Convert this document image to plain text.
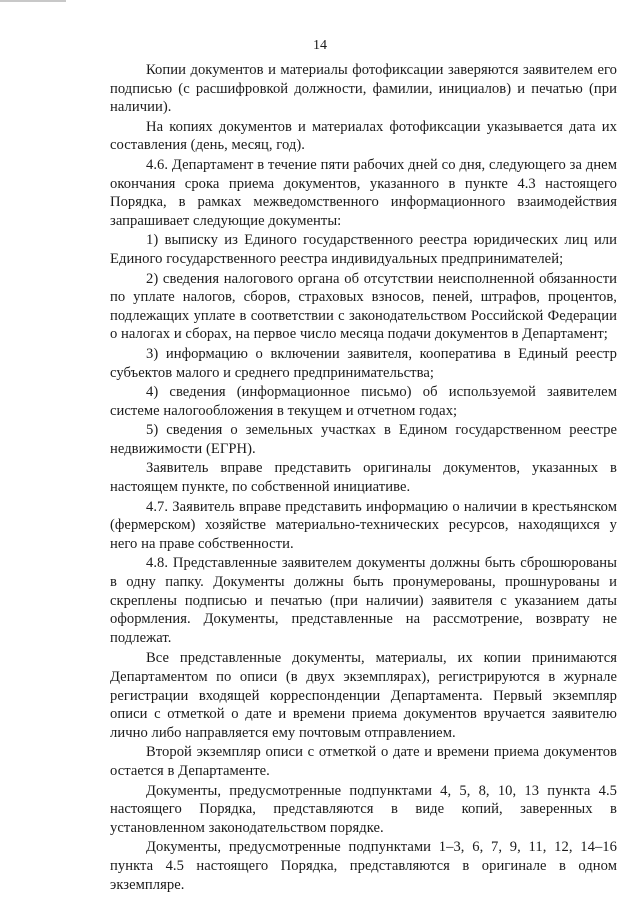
14

Копии документов и материалы фотофиксации заверяются заявителем его подписью (с расшифровкой должности, фамилии, инициалов) и печатью (при наличии).

На копиях документов и материалах фотофиксации указывается дата их составления (день, месяц, год).

4.6. Департамент в течение пяти рабочих дней со дня, следующего за днем окончания срока приема документов, указанного в пункте 4.3 настоящего Порядка, в рамках межведомственного информационного взаимодействия запрашивает следующие документы:

1) выписку из Единого государственного реестра юридических лиц или Единого государственного реестра индивидуальных предпринимателей;

2) сведения налогового органа об отсутствии неисполненной обязанности по уплате налогов, сборов, страховых взносов, пеней, штрафов, процентов, подлежащих уплате в соответствии с законодательством Российской Федерации о налогах и сборах, на первое число месяца подачи документов в Департамент;

3) информацию о включении заявителя, кооператива в Единый реестр субъектов малого и среднего предпринимательства;

4) сведения (информационное письмо) об используемой заявителем системе налогообложения в текущем и отчетном годах;

5) сведения о земельных участках в Едином государственном реестре недвижимости (ЕГРН).

Заявитель вправе представить оригиналы документов, указанных в настоящем пункте, по собственной инициативе.

4.7. Заявитель вправе представить информацию о наличии в крестьянском (фермерском) хозяйстве материально-технических ресурсов, находящихся у него на праве собственности.

4.8. Представленные заявителем документы должны быть сброшюрованы в одну папку. Документы должны быть пронумерованы, прошнурованы и скреплены подписью и печатью (при наличии) заявителя с указанием даты оформления. Документы, представленные на рассмотрение, возврату не подлежат.

Все представленные документы, материалы, их копии принимаются Департаментом по описи (в двух экземплярах), регистрируются в журнале регистрации входящей корреспонденции Департамента. Первый экземпляр описи с отметкой о дате и времени приема документов вручается заявителю лично либо направляется ему почтовым отправлением.

Второй экземпляр описи с отметкой о дате и времени приема документов остается в Департаменте.

Документы, предусмотренные подпунктами 4, 5, 8, 10, 13 пункта 4.5 настоящего Порядка, представляются в виде копий, заверенных в установленном законодательством порядке.

Документы, предусмотренные подпунктами 1–3, 6, 7, 9, 11, 12, 14–16 пункта 4.5 настоящего Порядка, представляются в оригинале в одном экземпляре.
